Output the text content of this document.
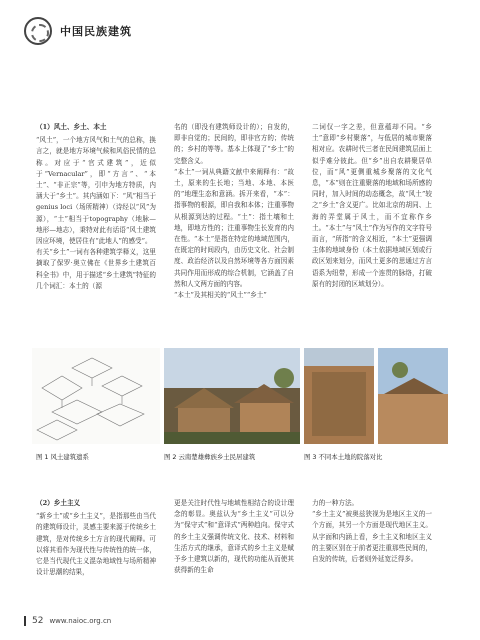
中国民族建筑

（1）风土、乡土、本土

“风土”，一个地方风气和土气的总称，换言之，就是地方环境气候和风俗民情的总称。对应于“官式建筑”，近似于“Vernacular”，即“方言”、“本土”、“非正宗”等，引申为地方特质，内涵大于“乡土”。其内涵如下：“风”相当于genius loci（场所精神）（诗经以“风”为源），“土”相当于topography（地脉—地形—地志），秉特对此有话语“风土建筑因应环境，使居住有“此地人”的感受”。

有关“乡土”一词有各种建筑学释义，这里摘取了保罗·奥立佛在《世界乡土建筑百科全书》中，用于描述“乡土建筑”特征的几个词汇：本土的（源

名的（即没有建筑师设计的）；自发的，即非自觉的；民间的，即非官方的；传统的；乡村的等等。基本上体现了“乡土”的完整含义。

“本土”一词从典籍文献中来阐释有：“故土，原来的生长地；当地、本地、本医的”地理生态和意涵。拆开来看，“本”：指事物的根源，即自我和本体；注重事物从根源到达的过程。“土”：指土壤和土地，即地方性的；注重事物生长发育的内在性。“本土”是指在特定的地域范围内，在既定的时间段内，由历史文化、社会制度、政治经济以及自然环境等各方面因素共同作用而形成的综合机制，它涵盖了自然和人文两方面的内容。

“本土”及其相关的“风土”“乡土”

二词仅一字之差，但意蕴却不同。“乡土”意即“乡村聚落”，与低居的城市聚落相对应。农耕时代三者在民间建筑层面上似乎难分彼此。但“乡”出自农耕聚居单位，而“风”更侧重城乡聚落的文化气息，“本”则在注重聚落的地域和场所感的同时，加入时间的动态概念，故“风土”较之“乡土”含义更广。比如北京的胡同、上海的弄堂属于风土，而不宜称作乡土。“本土”与“风土”作为写作的文字符号而言，“所指”的含义相近，“本土”更强调主体的地域身份（本土依据地域区划或行政区划来划分，而风土更多的思通过方言语系为纽带，形成一个连贯的脉络，打破原有的封闭的区域划分）。

图 1 风土建筑遗系	图 2 云南楚雄彝族乡土民居建筑	图 3 不同本土地的院落对比

（2）乡土主义

“新乡土”或“乡土主义”，是指那些由当代的建筑师设计，灵感主要来源于传统乡土建筑，是对传统乡土方言的现代阐释。可以将其看作为现代性与传统性的统一体，它是当代现代主义混杂地域性与场所精神设计思潮的结果，

更是关注时代性与地域性相结合的设计理念的彰显。奥兹认为“乡土主义”可以分为“保守式”和“意译式”两种趋向。保守式的乡土主义强调传统文化、技术、材料和生活方式的继承，意译式的乡土主义是赋予乡土建筑以新的，现代的功能从而使其获得新的生命

力的一种方法。

“乡土主义”被奥兹狭视为是地区主义的一个方面，其另一个方面是现代地区主义。从字面和内涵上看，乡土主义和地区主义的主要区别在于前者更注重那些民间的，自发的传统，后者则外延宽泛得多。

52 www.naioc.org.cn
